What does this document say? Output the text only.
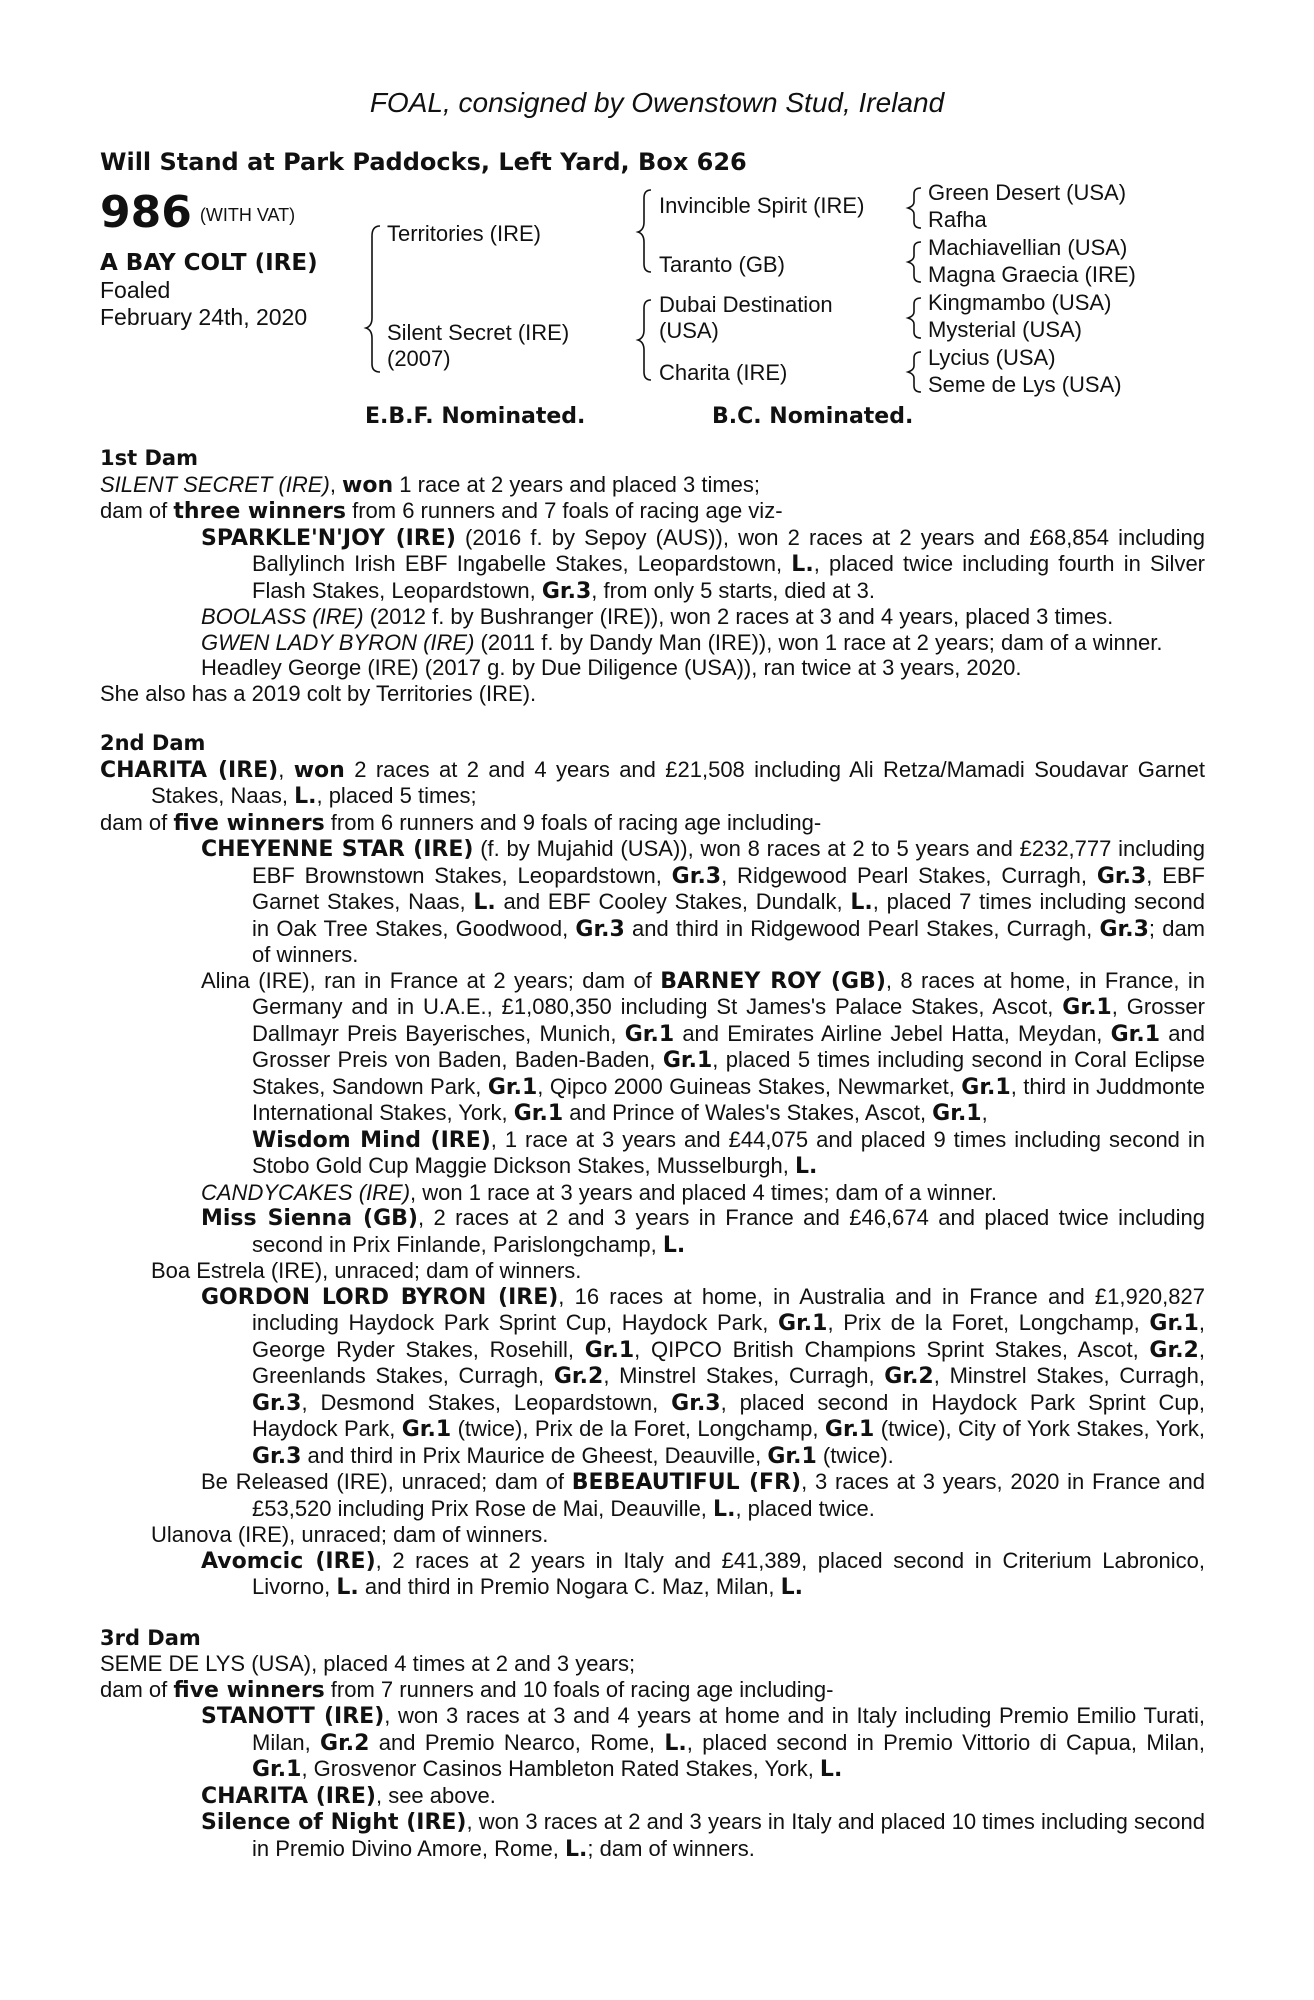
FOAL, consigned by Owenstown Stud, Ireland
Will Stand at Park Paddocks, Left Yard, Box 626
986 $^{(WITH VAT)}$
A BAY COLT (IRE)
Foaled
February 24th, 2020
Territories (IRE)
Silent Secret (IRE)
(2007)
Invincible Spirit (IRE)
Taranto (GB)
Dubai Destination
(USA)
Charita (IRE)
Green Desert (USA)
Rafha
Machiavellian (USA)
Magna Graecia (IRE)
Kingmambo (USA)
Mysterial (USA)
Lycius (USA)
Seme de Lys (USA)
E.B.F. Nominated.	B.C. Nominated.

1st Dam

SILENT SECRET (IRE), won 1 race at 2 years and placed 3 times;

dam of three winners from 6 runners and 7 foals of racing age viz-

SPARKLE'N'JOY (IRE) (2016 f. by Sepoy (AUS)), won 2 races at 2 years and £68,854 including Ballylinch Irish EBF Ingabelle Stakes, Leopardstown, L., placed twice including fourth in Silver Flash Stakes, Leopardstown, Gr.3, from only 5 starts, died at 3.

BOOLASS (IRE) (2012 f. by Bushranger (IRE)), won 2 races at 3 and 4 years, placed 3 times.

GWEN LADY BYRON (IRE) (2011 f. by Dandy Man (IRE)), won 1 race at 2 years; dam of a winner.

Headley George (IRE) (2017 g. by Due Diligence (USA)), ran twice at 3 years, 2020.

She also has a 2019 colt by Territories (IRE).

2nd Dam

CHARITA (IRE), won 2 races at 2 and 4 years and £21,508 including Ali Retza/Mamadi Soudavar Garnet Stakes, Naas, L., placed 5 times;

dam of five winners from 6 runners and 9 foals of racing age including-

CHEYENNE STAR (IRE) (f. by Mujahid (USA)), won 8 races at 2 to 5 years and £232,777 including EBF Brownstown Stakes, Leopardstown, Gr.3, Ridgewood Pearl Stakes, Curragh, Gr.3, EBF Garnet Stakes, Naas, L. and EBF Cooley Stakes, Dundalk, L., placed 7 times including second in Oak Tree Stakes, Goodwood, Gr.3 and third in Ridgewood Pearl Stakes, Curragh, Gr.3; dam of winners.

Alina (IRE), ran in France at 2 years; dam of BARNEY ROY (GB), 8 races at home, in France, in Germany and in U.A.E., £1,080,350 including St James's Palace Stakes, Ascot, Gr.1, Grosser Dallmayr Preis Bayerisches, Munich, Gr.1 and Emirates Airline Jebel Hatta, Meydan, Gr.1 and Grosser Preis von Baden, Baden-Baden, Gr.1, placed 5 times including second in Coral Eclipse Stakes, Sandown Park, Gr.1, Qipco 2000 Guineas Stakes, Newmarket, Gr.1, third in Juddmonte International Stakes, York, Gr.1 and Prince of Wales's Stakes, Ascot, Gr.1,
Wisdom Mind (IRE), 1 race at 3 years and £44,075 and placed 9 times including second in Stobo Gold Cup Maggie Dickson Stakes, Musselburgh, L.

CANDYCAKES (IRE), won 1 race at 3 years and placed 4 times; dam of a winner.

Miss Sienna (GB), 2 races at 2 and 3 years in France and £46,674 and placed twice including second in Prix Finlande, Parislongchamp, L.

Boa Estrela (IRE), unraced; dam of winners.

GORDON LORD BYRON (IRE), 16 races at home, in Australia and in France and £1,920,827 including Haydock Park Sprint Cup, Haydock Park, Gr.1, Prix de la Foret, Longchamp, Gr.1, George Ryder Stakes, Rosehill, Gr.1, QIPCO British Champions Sprint Stakes, Ascot, Gr.2, Greenlands Stakes, Curragh, Gr.2, Minstrel Stakes, Curragh, Gr.2, Minstrel Stakes, Curragh, Gr.3, Desmond Stakes, Leopardstown, Gr.3, placed second in Haydock Park Sprint Cup, Haydock Park, Gr.1 (twice), Prix de la Foret, Longchamp, Gr.1 (twice), City of York Stakes, York, Gr.3 and third in Prix Maurice de Gheest, Deauville, Gr.1 (twice).

Be Released (IRE), unraced; dam of BEBEAUTIFUL (FR), 3 races at 3 years, 2020 in France and £53,520 including Prix Rose de Mai, Deauville, L., placed twice.

Ulanova (IRE), unraced; dam of winners.

Avomcic (IRE), 2 races at 2 years in Italy and £41,389, placed second in Criterium Labronico, Livorno, L. and third in Premio Nogara C. Maz, Milan, L.

3rd Dam

SEME DE LYS (USA), placed 4 times at 2 and 3 years;

dam of five winners from 7 runners and 10 foals of racing age including-

STANOTT (IRE), won 3 races at 3 and 4 years at home and in Italy including Premio Emilio Turati, Milan, Gr.2 and Premio Nearco, Rome, L., placed second in Premio Vittorio di Capua, Milan, Gr.1, Grosvenor Casinos Hambleton Rated Stakes, York, L.

CHARITA (IRE), see above.

Silence of Night (IRE), won 3 races at 2 and 3 years in Italy and placed 10 times including second in Premio Divino Amore, Rome, L.; dam of winners.
